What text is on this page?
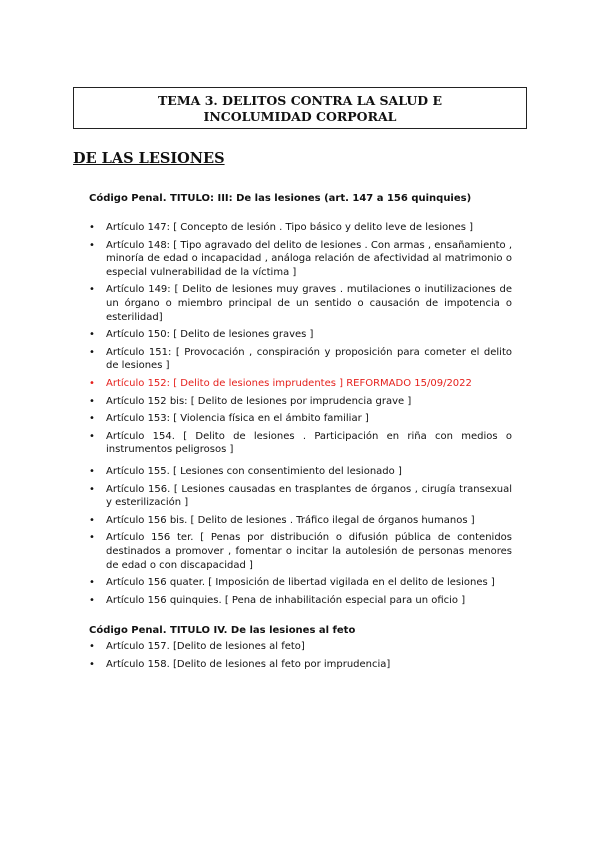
TEMA 3. DELITOS CONTRA LA SALUD E
INCOLUMIDAD CORPORAL
DE LAS LESIONES
Código Penal. TITULO: III: De las lesiones (art. 147 a 156 quinquies)
• Artículo 147: [ Concepto de lesión . Tipo básico y delito leve de lesiones ]
• Artículo 148: [ Tipo agravado del delito de lesiones . Con armas , ensañamiento , minoría de edad o incapacidad , análoga relación de afectividad al matrimonio o especial vulnerabilidad de la víctima ]
• Artículo 149: [ Delito de lesiones muy graves . mutilaciones o inutilizaciones de un órgano o miembro principal de un sentido o causación de impotencia o esterilidad]
• Artículo 150: [ Delito de lesiones graves ]
• Artículo 151: [ Provocación , conspiración y proposición para cometer el delito de lesiones ]
• Artículo 152: [ Delito de lesiones imprudentes ] REFORMADO 15/09/2022
• Artículo 152 bis: [ Delito de lesiones por imprudencia grave ]
• Artículo 153: [ Violencia física en el ámbito familiar ]
• Artículo 154. [ Delito de lesiones . Participación en riña con medios o instrumentos peligrosos ]
• Artículo 155. [ Lesiones con consentimiento del lesionado ]
• Artículo 156. [ Lesiones causadas en trasplantes de órganos , cirugía transexual y esterilización ]
• Artículo 156 bis. [ Delito de lesiones . Tráfico ilegal de órganos humanos ]
• Artículo 156 ter. [ Penas por distribución o difusión pública de contenidos destinados a promover , fomentar o incitar la autolesión de personas menores de edad o con discapacidad ]
• Artículo 156 quater. [ Imposición de libertad vigilada en el delito de lesiones ]
• Artículo 156 quinquies. [ Pena de inhabilitación especial para un oficio ]
Código Penal. TITULO IV. De las lesiones al feto
• Artículo 157. [Delito de lesiones al feto]
• Artículo 158. [Delito de lesiones al feto por imprudencia]
